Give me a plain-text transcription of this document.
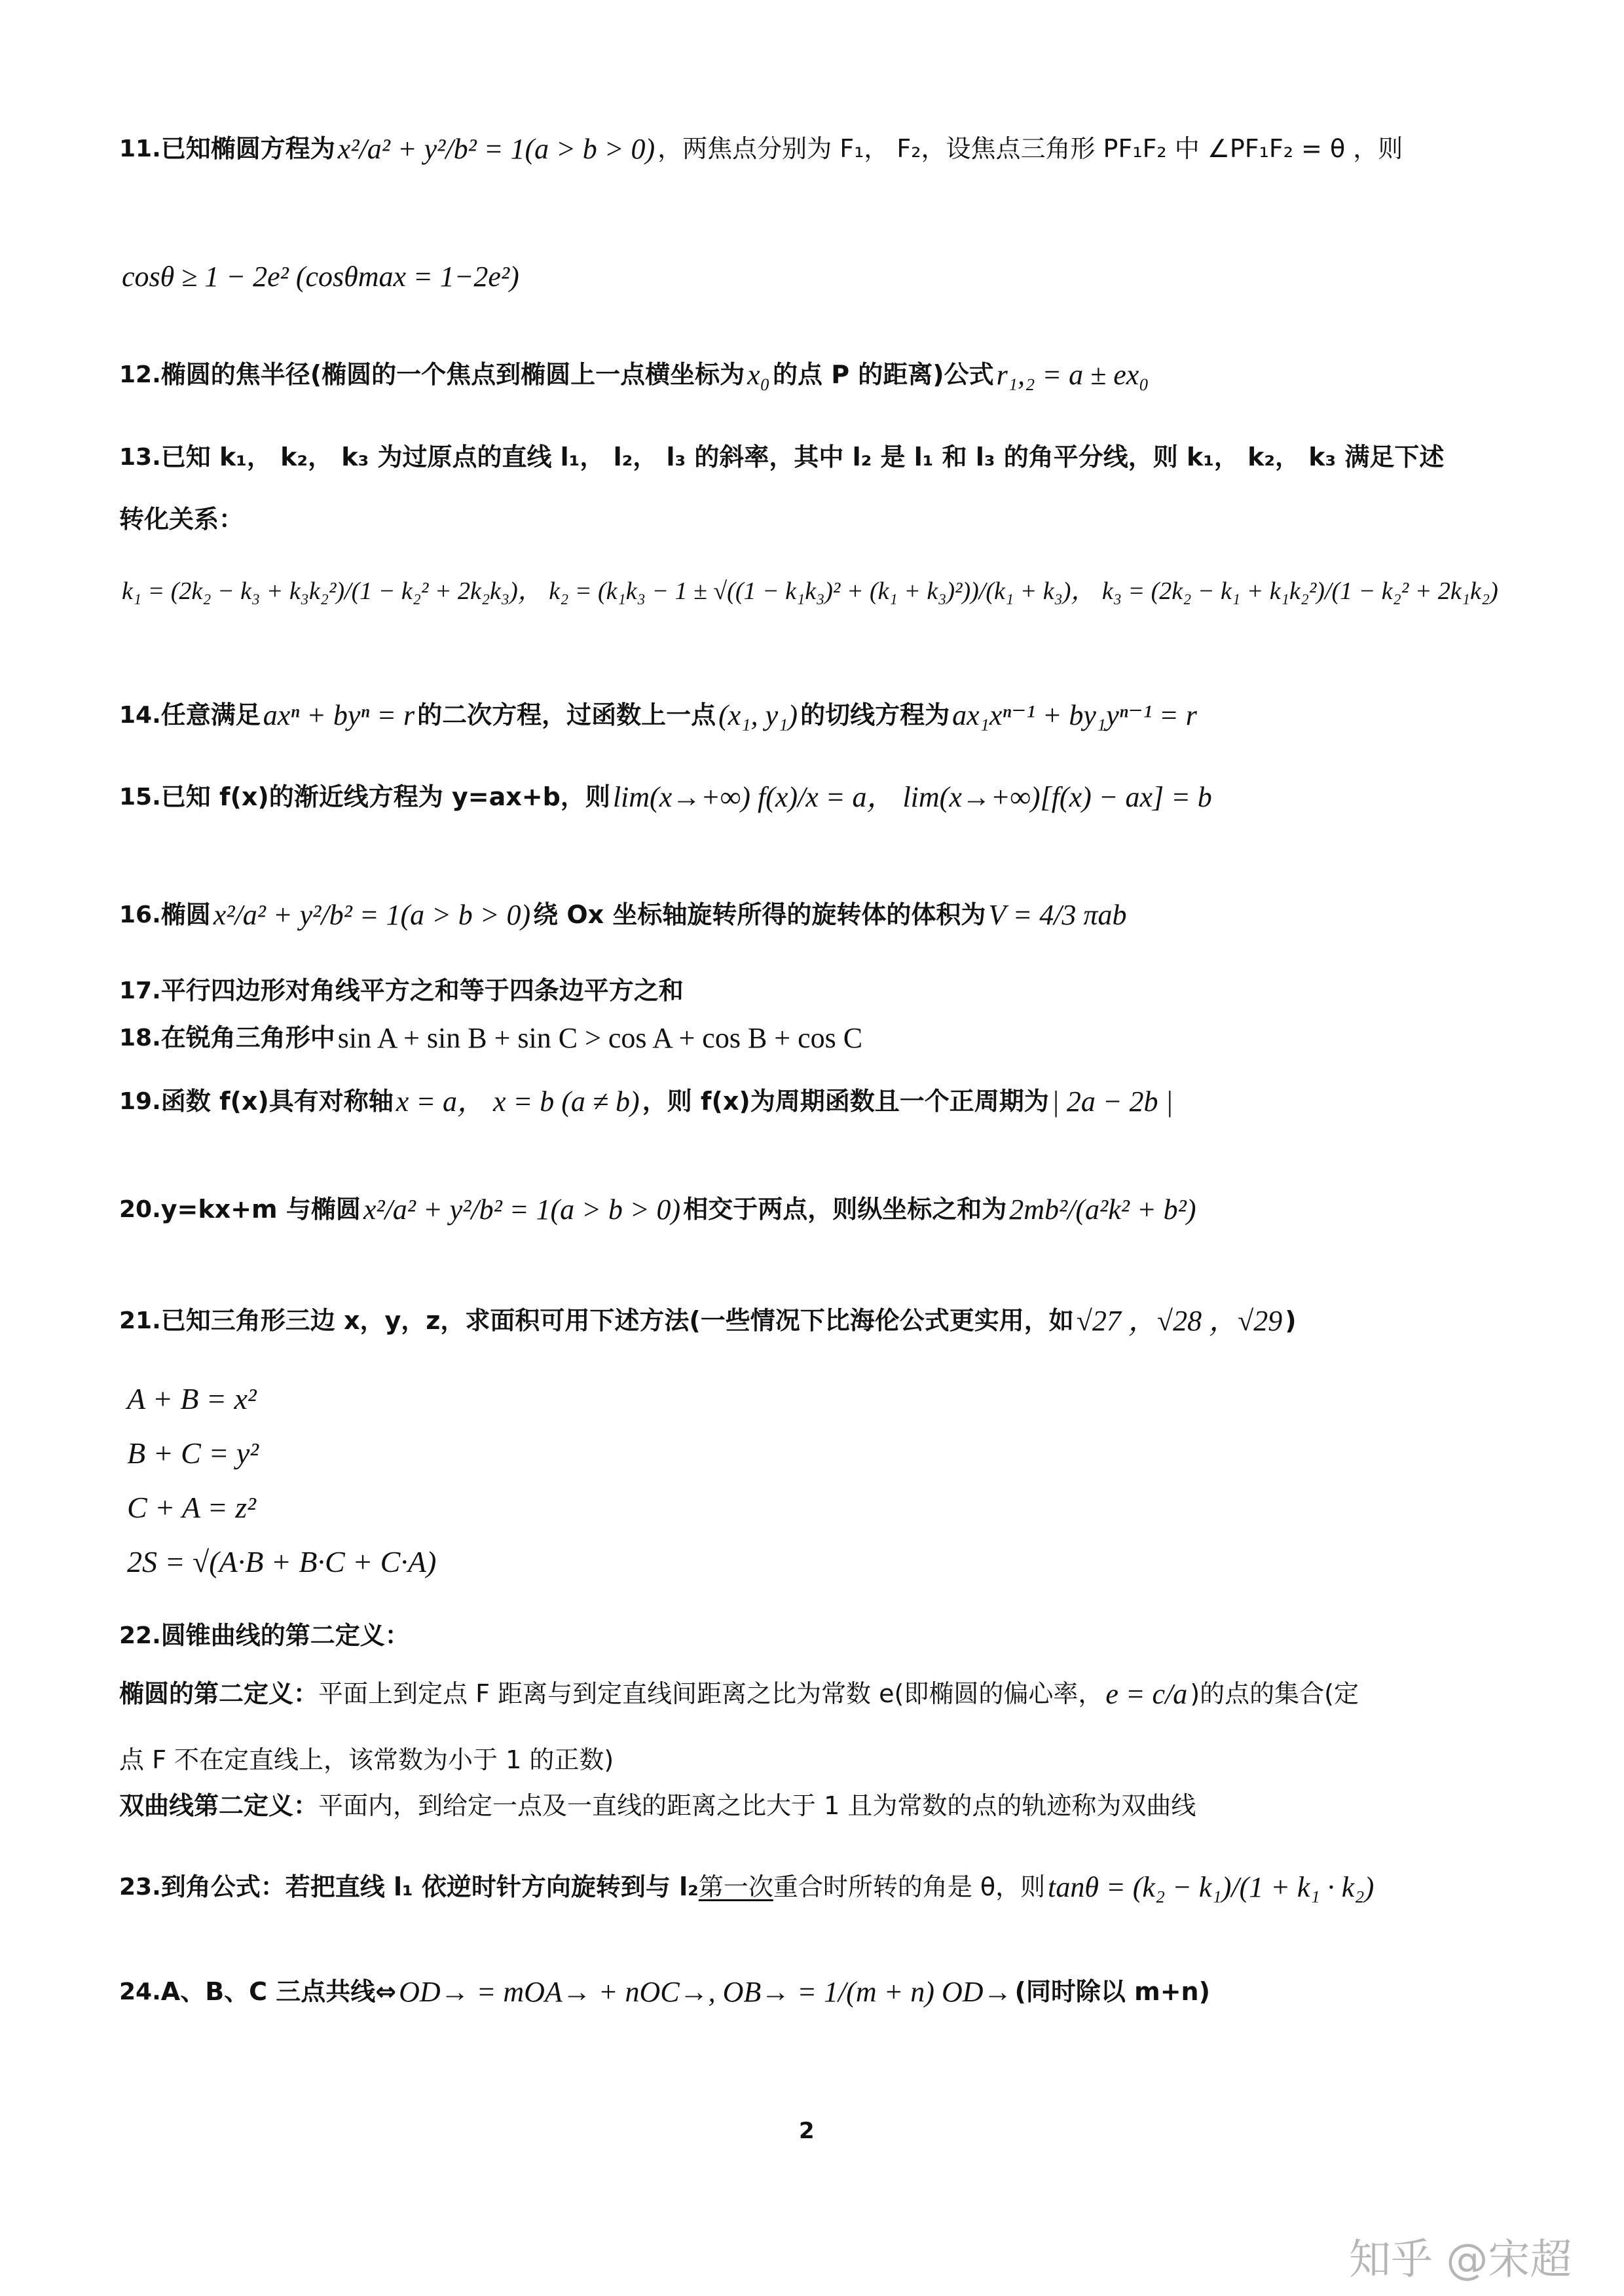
11. 已知椭圆方程为 x²/a² + y²/b² = 1(a > b > 0) ，两焦点分别为 F₁， F₂，设焦点三角形 PF₁F₂ 中 ∠PF₁F₂ = θ ，则
cosθ ≥ 1 − 2e² (cosθmax = 1−2e²)
12. 椭圆的焦半径(椭圆的一个焦点到椭圆上一点横坐标为 x₀ 的点 P 的距离)公式 r₁,₂ = a ± ex₀
13. 已知 k₁， k₂， k₃ 为过原点的直线 l₁， l₂， l₃ 的斜率，其中 l₂ 是 l₁ 和 l₃ 的角平分线，则 k₁， k₂， k₃ 满足下述
转化关系：
k₁ = (2k₂ − k₃ + k₃k₂²)/(1 − k₂² + 2k₂k₃)， k₂ = (k₁k₃ − 1 ± √((1 − k₁k₃)² + (k₁ + k₃)²))/(k₁ + k₃)， k₃ = (2k₂ − k₁ + k₁k₂²)/(1 − k₂² + 2k₁k₂)
14. 任意满足 axⁿ + byⁿ = r 的二次方程，过函数上一点 (x₁, y₁) 的切线方程为 ax₁xⁿ⁻¹ + by₁yⁿ⁻¹ = r
15. 已知 f(x)的渐近线方程为 y=ax+b，则 lim(x→+∞) f(x)/x = a， lim(x→+∞)[f(x) − ax] = b
16. 椭圆 x²/a² + y²/b² = 1(a > b > 0) 绕 Ox 坐标轴旋转所得的旋转体的体积为 V = 4/3 πab
17. 平行四边形对角线平方之和等于四条边平方之和
18. 在锐角三角形中 sin A + sin B + sin C > cos A + cos B + cos C
19. 函数 f(x)具有对称轴 x = a， x = b (a ≠ b) ，则 f(x)为周期函数且一个正周期为 | 2a − 2b |
20. y=kx+m 与椭圆 x²/a² + y²/b² = 1(a > b > 0) 相交于两点，则纵坐标之和为 2mb²/(a²k² + b²)
21. 已知三角形三边 x，y，z，求面积可用下述方法(一些情况下比海伦公式更实用，如 √27 ，√28 ，√29 )
A + B = x²
B + C = y²
C + A = z²
2S = √(A·B + B·C + C·A)
22. 圆锥曲线的第二定义：
椭圆的第二定义： 平面上到定点 F 距离与到定直线间距离之比为常数 e(即椭圆的偏心率， e = c/a )的点的集合(定
点 F 不在定直线上，该常数为小于 1 的正数)
双曲线第二定义： 平面内，到给定一点及一直线的距离之比大于 1 且为常数的点的轨迹称为双曲线
23. 到角公式：若把直线 l₁ 依逆时针方向旋转到与 l₂ 第一次 重合时所转的角是 θ，则 tanθ = (k₂ − k₁)/(1 + k₁ · k₂)
24. A、B、C 三点共线⇔ OD→ = mOA→ + nOC→, OB→ = 1/(m + n) OD→ (同时除以 m+n)
2
知乎 @宋超
